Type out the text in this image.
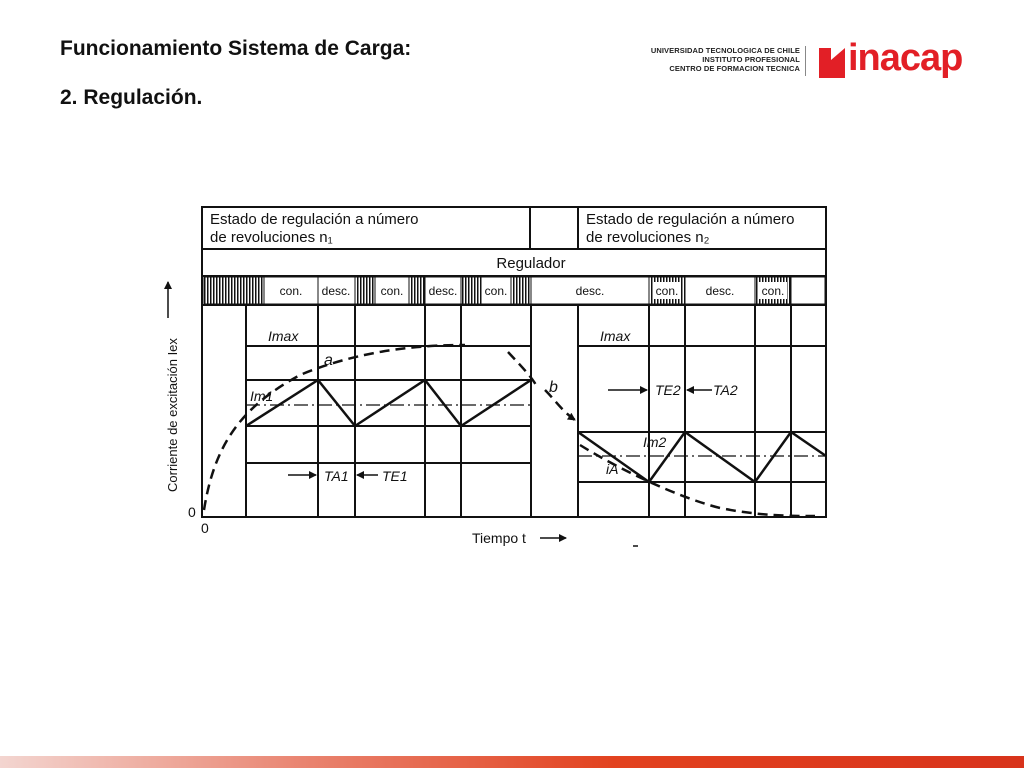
Funcionamiento Sistema de Carga:
2. Regulación.
UNIVERSIDAD TECNOLOGICA DE CHILE
INSTITUTO PROFESIONAL
CENTRO DE FORMACION TECNICA inacap
Estado de regulación a número
de revoluciones n₁
Estado de regulación a número
de revoluciones n₂
Regulador
con. desc.	con. desc. con.	desc.	con. desc. con.
Imax	Imax
Im1
Im2
iA
a
b
TA1 TE1
TE2 TA2
Corriente de excitación Iex
Tiempo t
0
0
